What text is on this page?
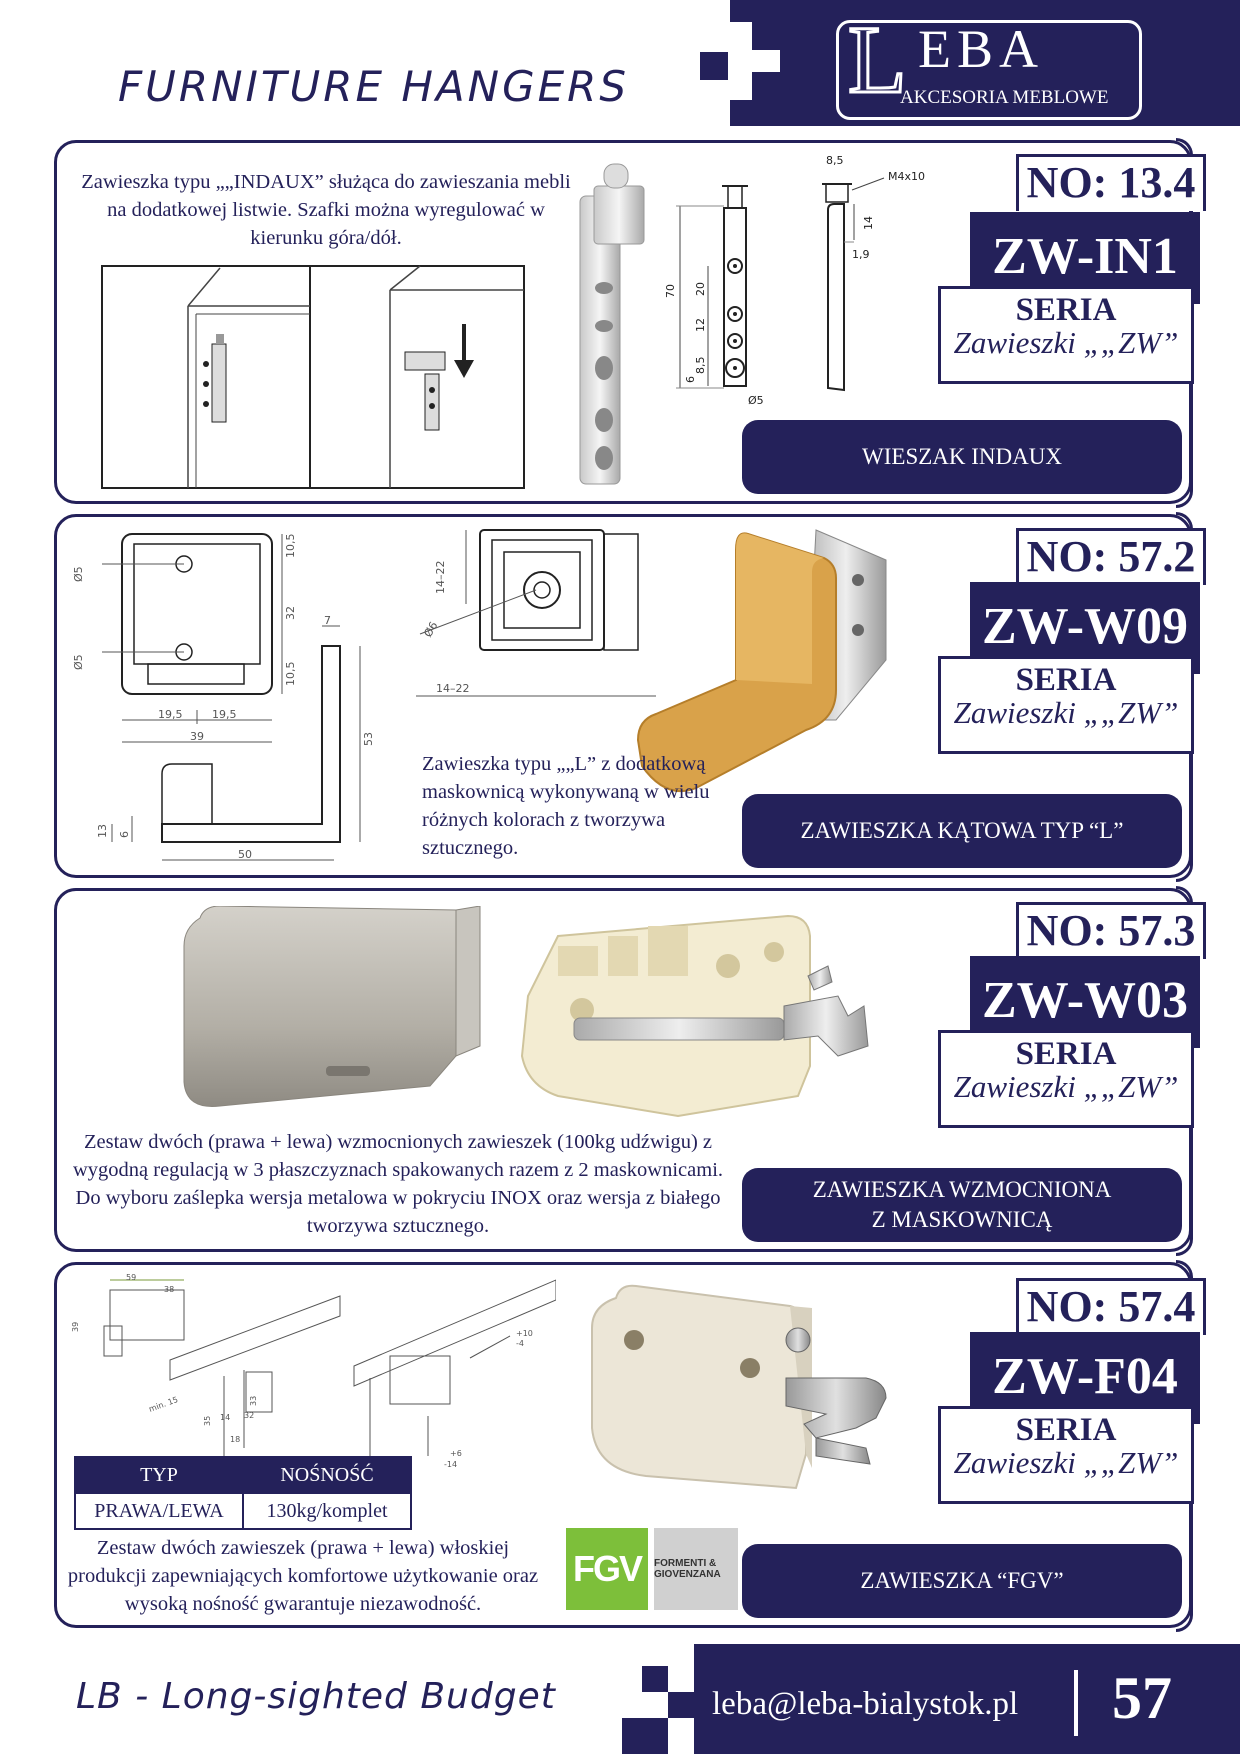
FURNITURE HANGERS L EBA
AKCESORIA MEBLOWE
Zawieszka typu „„INDAUX” służąca do zawieszania mebli na dodatkowej listwie. Szafki można wyregulować w kierunku góra/dół.
70 20
12
8,5
6
Ø5
8,5
M4x10
14
1,9
NO: 13.4
ZW-IN1
SERIA
Zawieszki „„ZW”
WIESZAK INDAUX
19,5	19,5
39
10,5
32
10,5
Ø5
Ø5
50
53
7
13 6
14–22
Ø6
14–22
Zawieszka typu „„L” z dodatkową maskownicą wykonywaną w wielu różnych kolorach z tworzywa sztucznego.
NO: 57.2
ZW-W09
SERIA
Zawieszki „„ZW”
ZAWIESZKA KĄTOWA TYP “L”
Zestaw dwóch (prawa + lewa) wzmocnionych zawieszek (100kg udźwigu) z wygodną regulacją w 3 płaszczyznach spakowanych razem z 2 maskownicami. Do wyboru zaślepka wersja metalowa w pokryciu INOX oraz wersja z białego tworzywa sztucznego.
NO: 57.3
ZW-W03
SERIA
Zawieszki „„ZW”
ZAWIESZKA WZMOCNIONA
Z MASKOWNICĄ
59
38
39
35
33
min. 15
14 32
18
+10
-4
+6
-14
TYP	NOŚNOŚĆ
PRAWA/LEWA	130kg/komplet
Zestaw dwóch zawieszek (prawa + lewa) włoskiej produkcji zapewniających komfortowe użytkowanie oraz wysoką nośność gwarantuje niezawodność.
FGV	FORMENTI & GIOVENZANA
NO: 57.4
ZW-F04
SERIA
Zawieszki „„ZW”
ZAWIESZKA “FGV”
LB - Long-sighted Budget	leba@leba-bialystok.pl 57
